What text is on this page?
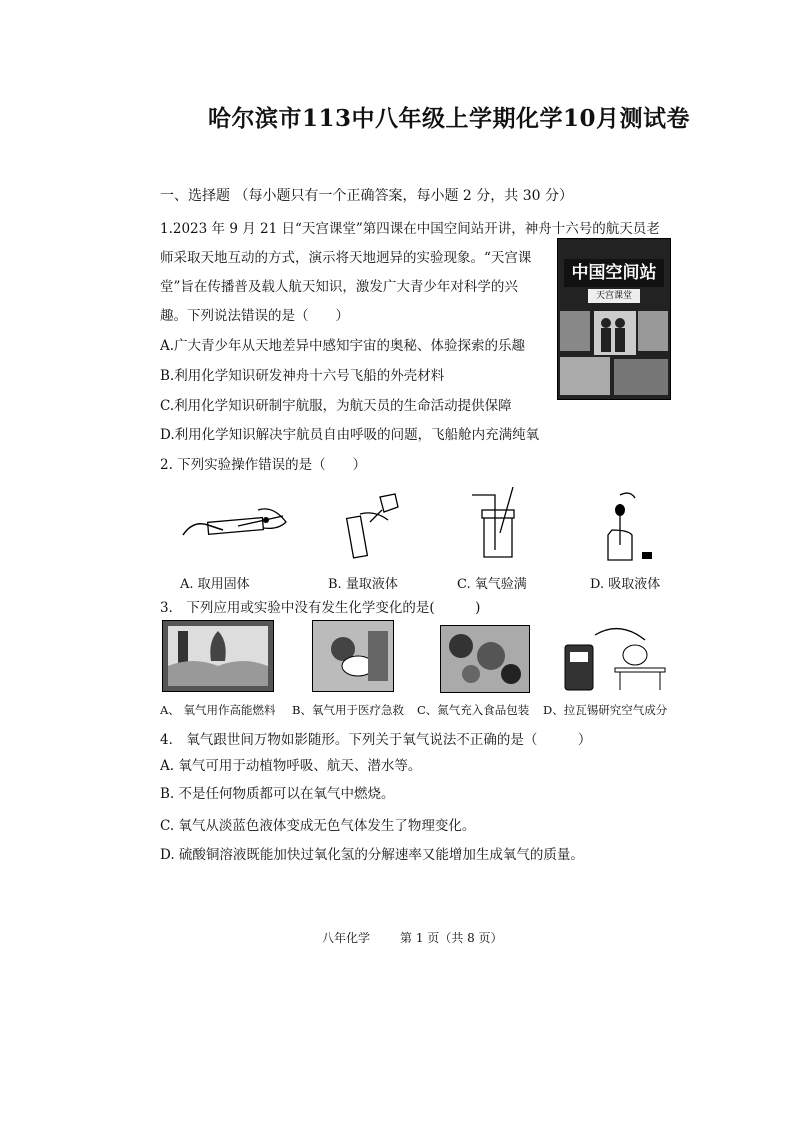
哈尔滨市113中八年级上学期化学10月测试卷
一、选择题 （每小题只有一个正确答案，每小题 2 分，共 30 分）
1.2023 年 9 月 21 日“天宫课堂”第四课在中国空间站开讲，神舟十六号的航天员老
师采取天地互动的方式，演示将天地迥异的实验现象。“天宫课
堂”旨在传播普及载人航天知识，激发广大青少年对科学的兴
趣。下列说法错误的是（　　）
A.广大青少年从天地差异中感知宇宙的奥秘、体验探索的乐趣
B.利用化学知识研发神舟十六号飞船的外壳材料
C.利用化学知识研制宇航服，为航天员的生命活动提供保障
D.利用化学知识解决宇航员自由呼吸的问题，飞船舱内充满纯氧
中国空间站
天宫课堂
2. 下列实验操作错误的是（　　）
A. 取用固体	B. 量取液体	C. 氧气验满	D. 吸取液体
3． 下列应用或实验中没有发生化学变化的是(　　　)
A、 氧气用作高能燃料 B、氧气用于医疗急救 C、氮气充入食品包装 D、拉瓦锡研究空气成分
4． 氧气跟世间万物如影随形。下列关于氧气说法不正确的是（　　　）
A. 氧气可用于动植物呼吸、航天、潜水等。
B. 不是任何物质都可以在氧气中燃烧。
C. 氧气从淡蓝色液体变成无色气体发生了物理变化。
D. 硫酸铜溶液既能加快过氧化氢的分解速率又能增加生成氧气的质量。
八年化学 第 1 页（共 8 页）
